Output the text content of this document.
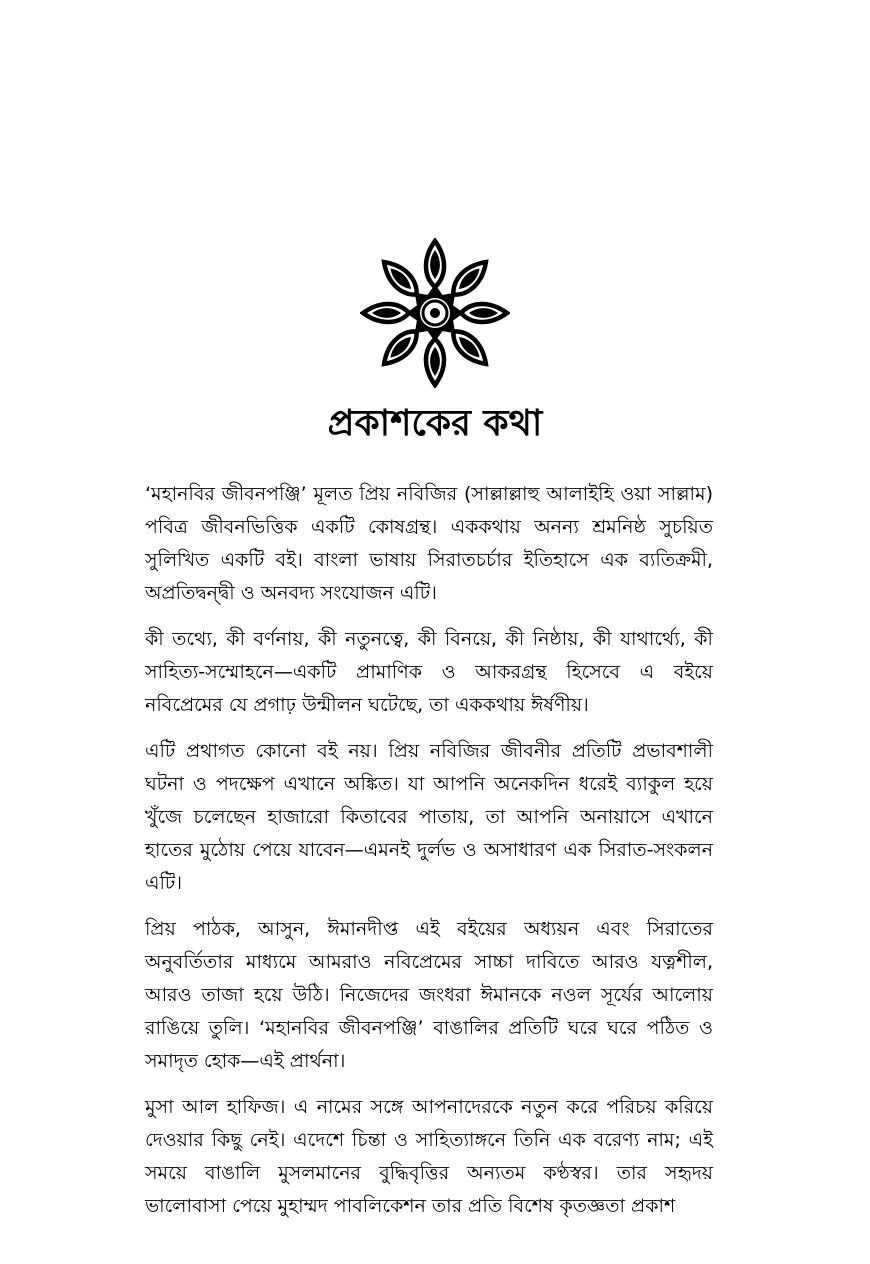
প্রকাশকের কথা

‘মহানবির জীবনপঞ্জি’ মূলত প্রিয় নবিজির (সাল্লাল্লাহু আলাইহি ওয়া সাল্লাম) পবিত্র জীবনভিত্তিক একটি কোষগ্রন্থ। এককথায় অনন্য শ্রমনিষ্ঠ সুচয়িত সুলিখিত একটি বই। বাংলা ভাষায় সিরাতচর্চার ইতিহাসে এক ব্যতিক্রমী, অপ্রতিদ্বন্দ্বী ও অনবদ্য সংযোজন এটি।

কী তথ্যে, কী বর্ণনায়, কী নতুনত্বে, কী বিনয়ে, কী নিষ্ঠায়, কী যাথার্থ্যে, কী সাহিত্য-সম্মোহনে—একটি প্রামাণিক ও আকরগ্রন্থ হিসেবে এ বইয়ে নবিপ্রেমের যে প্রগাঢ় উন্মীলন ঘটেছে, তা এককথায় ঈর্ষণীয়।

এটি প্রথাগত কোনো বই নয়। প্রিয় নবিজির জীবনীর প্রতিটি প্রভাবশালী ঘটনা ও পদক্ষেপ এখানে অঙ্কিত। যা আপনি অনেকদিন ধরেই ব্যাকুল হয়ে খুঁজে চলেছেন হাজারো কিতাবের পাতায়, তা আপনি অনায়াসে এখানে হাতের মুঠোয় পেয়ে যাবেন—এমনই দুর্লভ ও অসাধারণ এক সিরাত-সংকলন এটি।

প্রিয় পাঠক, আসুন, ঈমানদীপ্ত এই বইয়ের অধ্যয়ন এবং সিরাতের অনুবর্তিতার মাধ্যমে আমরাও নবিপ্রেমের সাচ্চা দাবিতে আরও যত্নশীল, আরও তাজা হয়ে উঠি। নিজেদের জংধরা ঈমানকে নওল সূর্যের আলোয় রাঙিয়ে তুলি। ‘মহানবির জীবনপঞ্জি’ বাঙালির প্রতিটি ঘরে ঘরে পঠিত ও সমাদৃত হোক—এই প্রার্থনা।

মুসা আল হাফিজ। এ নামের সঙ্গে আপনাদেরকে নতুন করে পরিচয় করিয়ে দেওয়ার কিছু নেই। এদেশে চিন্তা ও সাহিত্যাঙ্গনে তিনি এক বরেণ্য নাম; এই সময়ে বাঙালি মুসলমানের বুদ্ধিবৃত্তির অন্যতম কণ্ঠস্বর। তার সহৃদয় ভালোবাসা পেয়ে মুহাম্মদ পাবলিকেশন তার প্রতি বিশেষ কৃতজ্ঞতা প্রকাশ
